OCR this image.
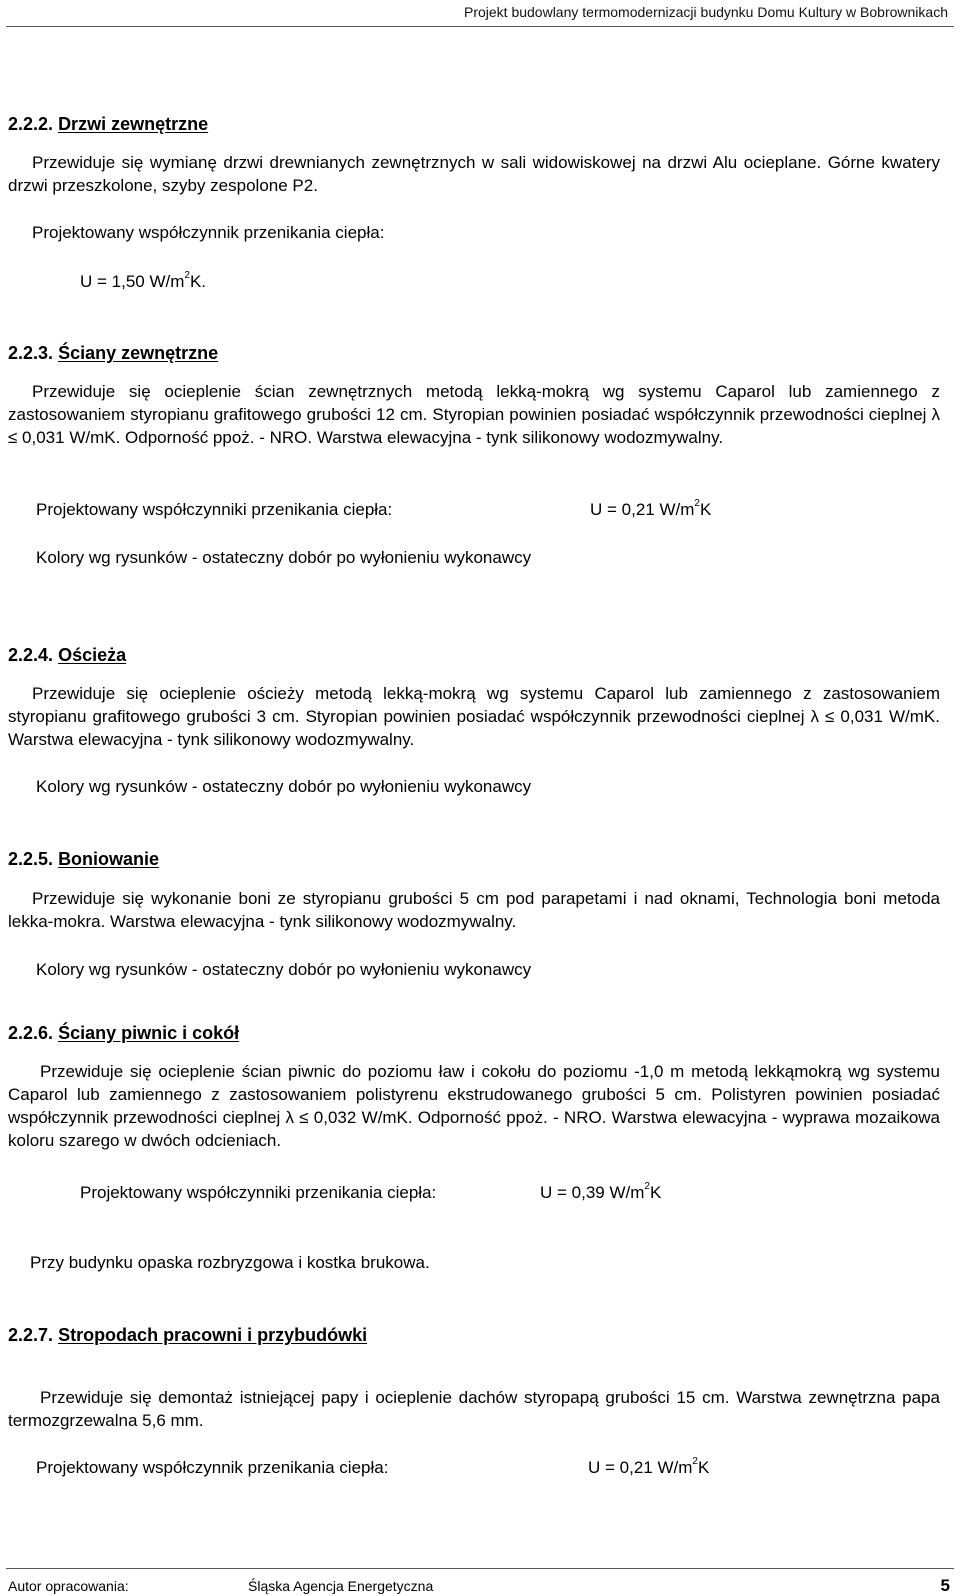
Projekt budowlany termomodernizacji budynku Domu Kultury w Bobrownikach
2.2.2. Drzwi zewnętrzne
Przewiduje się wymianę drzwi drewnianych zewnętrznych w sali widowiskowej na drzwi Alu ocieplane. Górne kwatery drzwi przeszkolone, szyby zespolone P2.
Projektowany współczynnik przenikania ciepła:
U = 1,50 $W/m^2K$.
2.2.3. Ściany zewnętrzne
Przewiduje się ocieplenie ścian zewnętrznych metodą lekką-mokrą wg systemu Caparol lub zamiennego z zastosowaniem styropianu grafitowego grubości 12 cm. Styropian powinien posiadać współczynnik przewodności cieplnej λ ≤ 0,031 W/mK. Odporność ppoż. - NRO. Warstwa elewacyjna - tynk silikonowy wodozmywalny.
Projektowany współczynniki przenikania ciepła:	U = 0,21 $W/m^2K$
Kolory wg rysunków - ostateczny dobór po wyłonieniu wykonawcy
2.2.4. Ościeża
Przewiduje się ocieplenie ościeży metodą lekką-mokrą wg systemu Caparol lub zamiennego z zastosowaniem styropianu grafitowego grubości 3 cm. Styropian powinien posiadać współczynnik przewodności cieplnej λ ≤ 0,031 W/mK. Warstwa elewacyjna - tynk silikonowy wodozmywalny.
Kolory wg rysunków - ostateczny dobór po wyłonieniu wykonawcy
2.2.5. Boniowanie
Przewiduje się wykonanie boni ze styropianu grubości 5 cm pod parapetami i nad oknami, Technologia boni metoda lekka-mokra. Warstwa elewacyjna - tynk silikonowy wodozmywalny.
Kolory wg rysunków - ostateczny dobór po wyłonieniu wykonawcy
2.2.6. Ściany piwnic i cokół
Przewiduje się ocieplenie ścian piwnic do poziomu ław i cokołu do poziomu -1,0 m metodą lekkąmokrą wg systemu Caparol lub zamiennego z zastosowaniem polistyrenu ekstrudowanego grubości 5 cm. Polistyren powinien posiadać współczynnik przewodności cieplnej λ ≤ 0,032 W/mK. Odporność ppoż. - NRO. Warstwa elewacyjna - wyprawa mozaikowa koloru szarego w dwóch odcieniach.
Projektowany współczynniki przenikania ciepła:	U = 0,39 $W/m^2K$
Przy budynku opaska rozbryzgowa i kostka brukowa.
2.2.7. Stropodach pracowni i przybudówki
Przewiduje się demontaż istniejącej papy i ocieplenie dachów styropapą grubości 15 cm. Warstwa zewnętrzna papa termozgrzewalna 5,6 mm.
Projektowany współczynnik przenikania ciepła:	U = 0,21 $W/m^2K$
Autor opracowania:	Śląska Agencja Energetyczna	5
